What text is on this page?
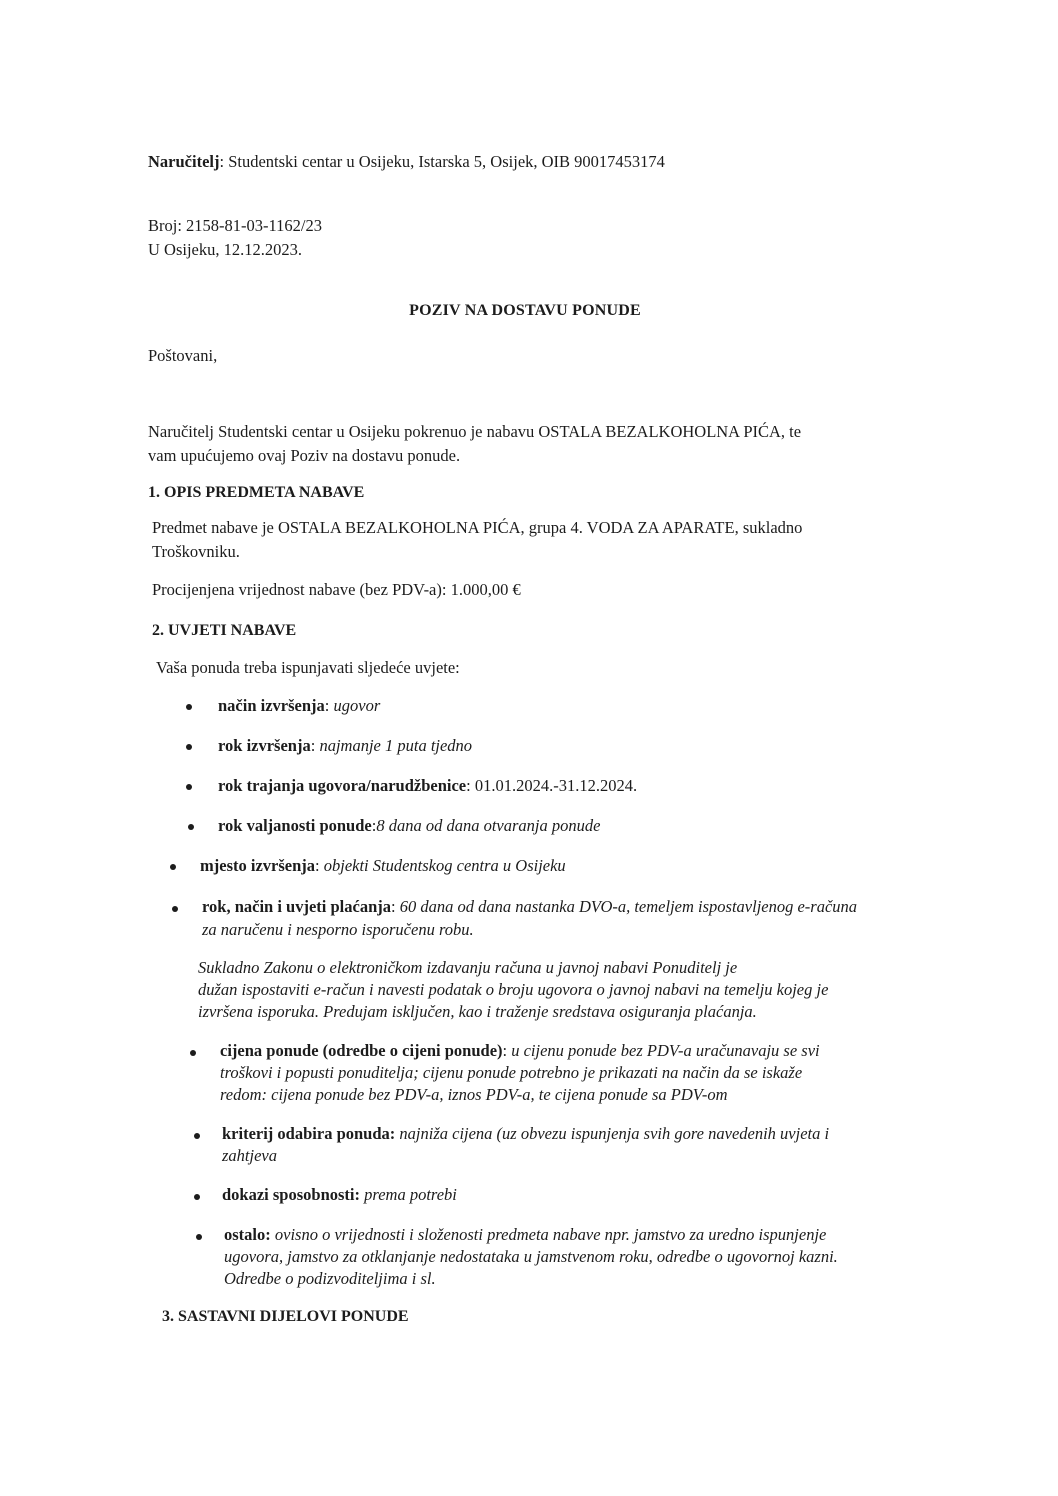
Naručitelj: Studentski centar u Osijeku, Istarska 5, Osijek, OIB 90017453174
Broj: 2158-81-03-1162/23
U Osijeku, 12.12.2023.
POZIV NA DOSTAVU PONUDE
Poštovani,
Naručitelj Studentski centar u Osijeku pokrenuo je nabavu OSTALA BEZALKOHOLNA PIĆA, te
vam upućujemo ovaj Poziv na dostavu ponude.
1. OPIS PREDMETA NABAVE
Predmet nabave je OSTALA BEZALKOHOLNA PIĆA, grupa 4. VODA ZA APARATE, sukladno
Troškovniku.
Procijenjena vrijednost nabave (bez PDV-a): 1.000,00 €
2. UVJETI NABAVE
Vaša ponuda treba ispunjavati sljedeće uvjete:
način izvršenja: ugovor
rok izvršenja: najmanje 1 puta tjedno
rok trajanja ugovora/narudžbenice: 01.01.2024.-31.12.2024.
rok valjanosti ponude:8 dana od dana otvaranja ponude
mjesto izvršenja: objekti Studentskog centra u Osijeku
rok, način i uvjeti plaćanja: 60 dana od dana nastanka DVO-a, temeljem ispostavljenog e-računa
za naručenu i nesporno isporučenu robu.
Sukladno Zakonu o elektroničkom izdavanju računa u javnoj nabavi Ponuditelj je
dužan ispostaviti e-račun i navesti podatak o broju ugovora o javnoj nabavi na temelju kojeg je
izvršena isporuka. Predujam isključen, kao i traženje sredstava osiguranja plaćanja.
cijena ponude (odredbe o cijeni ponude): u cijenu ponude bez PDV-a uračunavaju se svi
troškovi i popusti ponuditelja; cijenu ponude potrebno je prikazati na način da se iskaže
redom: cijena ponude bez PDV-a, iznos PDV-a, te cijena ponude sa PDV-om
kriterij odabira ponuda: najniža cijena (uz obvezu ispunjenja svih gore navedenih uvjeta i
zahtjeva
dokazi sposobnosti: prema potrebi
ostalo: ovisno o vrijednosti i složenosti predmeta nabave npr. jamstvo za uredno ispunjenje
ugovora, jamstvo za otklanjanje nedostataka u jamstvenom roku, odredbe o ugovornoj kazni.
Odredbe o podizvoditeljima i sl.
3. SASTAVNI DIJELOVI PONUDE
